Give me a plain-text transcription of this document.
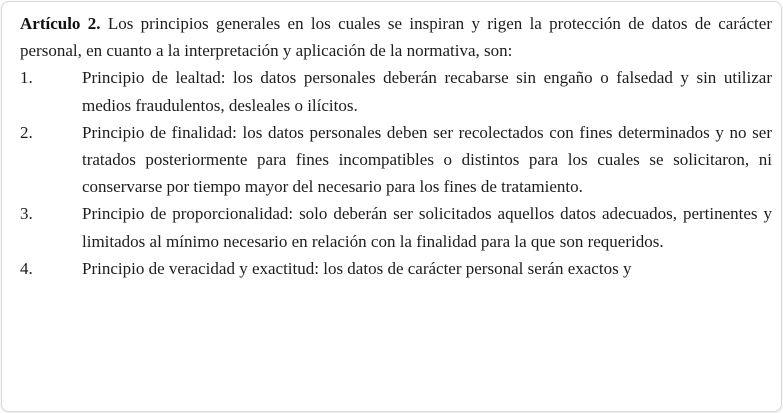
Artículo 2. Los principios generales en los cuales se inspiran y rigen la protección de datos de carácter personal, en cuanto a la interpretación y aplicación de la normativa, son:

1.	Principio de lealtad: los datos personales deberán recabarse sin engaño o falsedad y sin utilizar medios fraudulentos, desleales o ilícitos.
2.	Principio de finalidad: los datos personales deben ser recolectados con fines determinados y no ser tratados posteriormente para fines incompatibles o distintos para los cuales se solicitaron, ni conservarse por tiempo mayor del necesario para los fines de tratamiento.
3.	Principio de proporcionalidad: solo deberán ser solicitados aquellos datos adecuados, pertinentes y limitados al mínimo necesario en relación con la finalidad para la que son requeridos.
4.	Principio de veracidad y exactitud: los datos de carácter personal serán exactos y
